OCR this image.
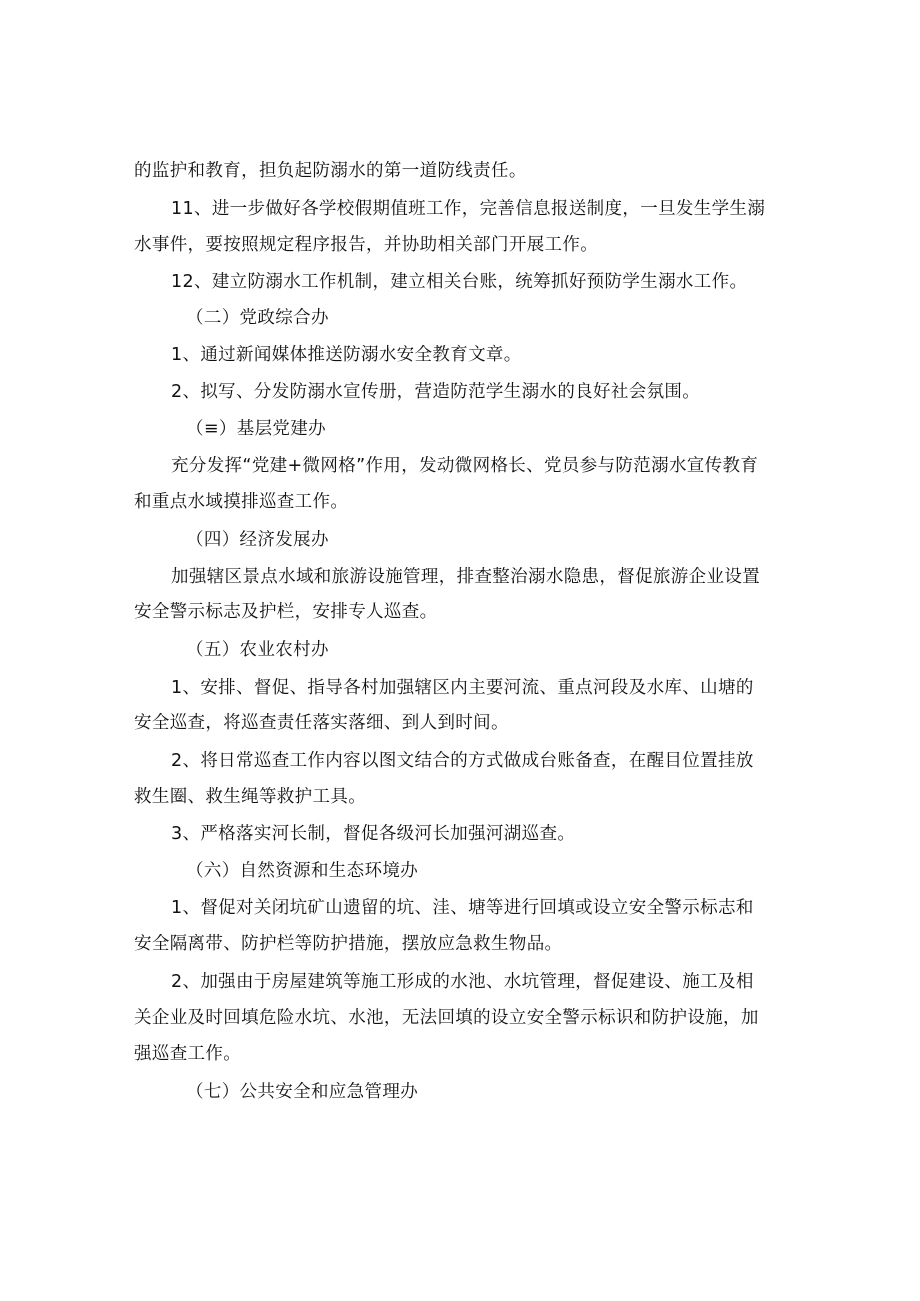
的监护和教育，担负起防溺水的第一道防线责任。
11、进一步做好各学校假期值班工作，完善信息报送制度，一旦发生学生溺
水事件，要按照规定程序报告，并协助相关部门开展工作。
12、建立防溺水工作机制，建立相关台账，统筹抓好预防学生溺水工作。
（二）党政综合办
1、通过新闻媒体推送防溺水安全教育文章。
2、拟写、分发防溺水宣传册，营造防范学生溺水的良好社会氛围。
（≡）基层党建办
充分发挥“党建+微网格”作用，发动微网格长、党员参与防范溺水宣传教育
和重点水域摸排巡查工作。
（四）经济发展办
加强辖区景点水域和旅游设施管理，排查整治溺水隐患，督促旅游企业设置
安全警示标志及护栏，安排专人巡查。
（五）农业农村办
1、安排、督促、指导各村加强辖区内主要河流、重点河段及水库、山塘的
安全巡查，将巡查责任落实落细、到人到时间。
2、将日常巡查工作内容以图文结合的方式做成台账备查，在醒目位置挂放
救生圈、救生绳等救护工具。
3、严格落实河长制，督促各级河长加强河湖巡查。
（六）自然资源和生态环境办
1、督促对关闭坑矿山遗留的坑、洼、塘等进行回填或设立安全警示标志和
安全隔离带、防护栏等防护措施，摆放应急救生物品。
2、加强由于房屋建筑等施工形成的水池、水坑管理，督促建设、施工及相
关企业及时回填危险水坑、水池，无法回填的设立安全警示标识和防护设施，加
强巡查工作。
（七）公共安全和应急管理办
